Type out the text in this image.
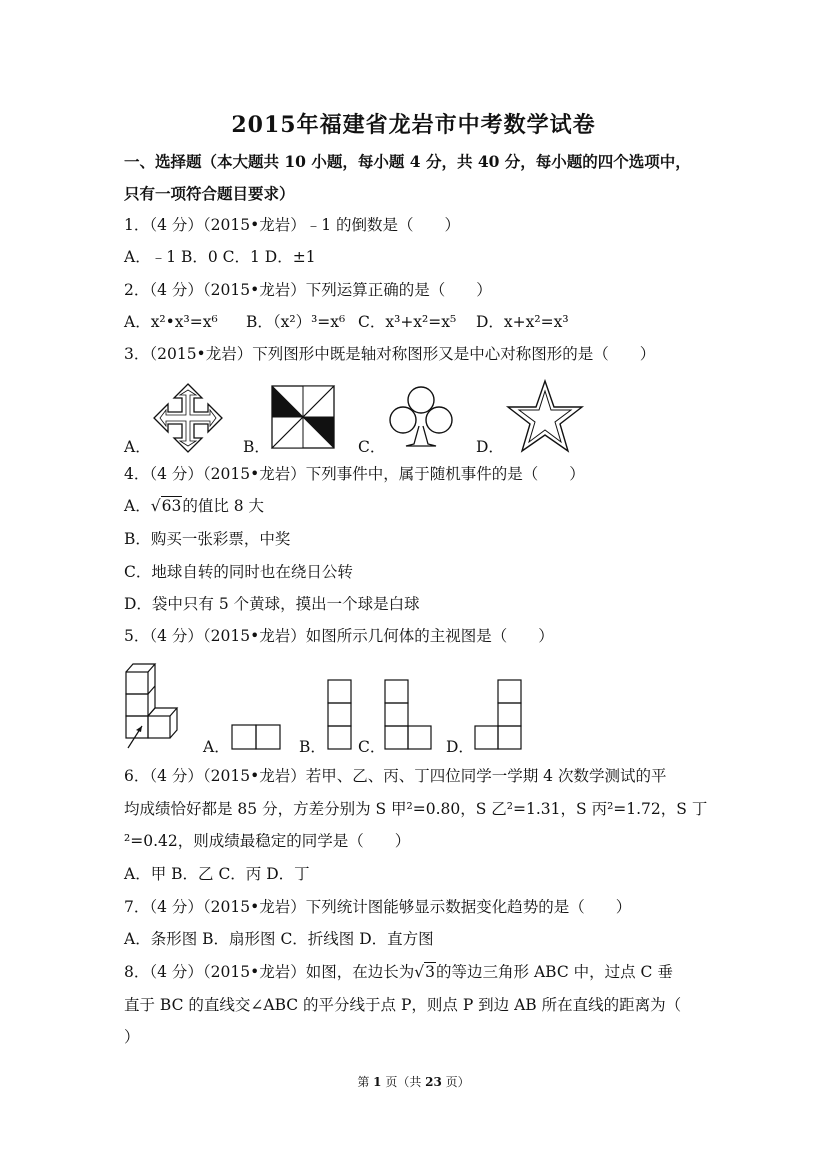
2015年福建省龙岩市中考数学试卷
一、选择题（本大题共 10 小题，每小题 4 分，共 40 分，每小题的四个选项中，
只有一项符合题目要求）
1．（4 分）（2015•龙岩）﹣1 的倒数是（　　）
A．﹣1 B．0 C．1 D．±1
2．（4 分）（2015•龙岩）下列运算正确的是（　　）
A．x²•x³=x⁶ B．（x²）³=x⁶ C．x³+x²=x⁵ D．x+x²=x³
3．（2015•龙岩）下列图形中既是轴对称图形又是中心对称图形的是（　　）
A．	B．	C．	D．
4．（4 分）（2015•龙岩）下列事件中，属于随机事件的是（　　）
A．√63的值比 8 大
B．购买一张彩票，中奖
C．地球自转的同时也在绕日公转
D．袋中只有 5 个黄球，摸出一个球是白球
5．（4 分）（2015•龙岩）如图所示几何体的主视图是（　　）
A．	B． C．	D．
6．（4 分）（2015•龙岩）若甲、乙、丙、丁四位同学一学期 4 次数学测试的平
均成绩恰好都是 85 分，方差分别为 S 甲²=0.80，S 乙²=1.31，S 丙²=1.72，S 丁
²=0.42，则成绩最稳定的同学是（　　）
A．甲 B．乙 C．丙 D．丁
7．（4 分）（2015•龙岩）下列统计图能够显示数据变化趋势的是（　　）
A．条形图 B．扇形图 C．折线图 D．直方图
8．（4 分）（2015•龙岩）如图，在边长为√3的等边三角形 ABC 中，过点 C 垂
直于 BC 的直线交∠ABC 的平分线于点 P，则点 P 到边 AB 所在直线的距离为（
）
第 1 页（共 23 页）
